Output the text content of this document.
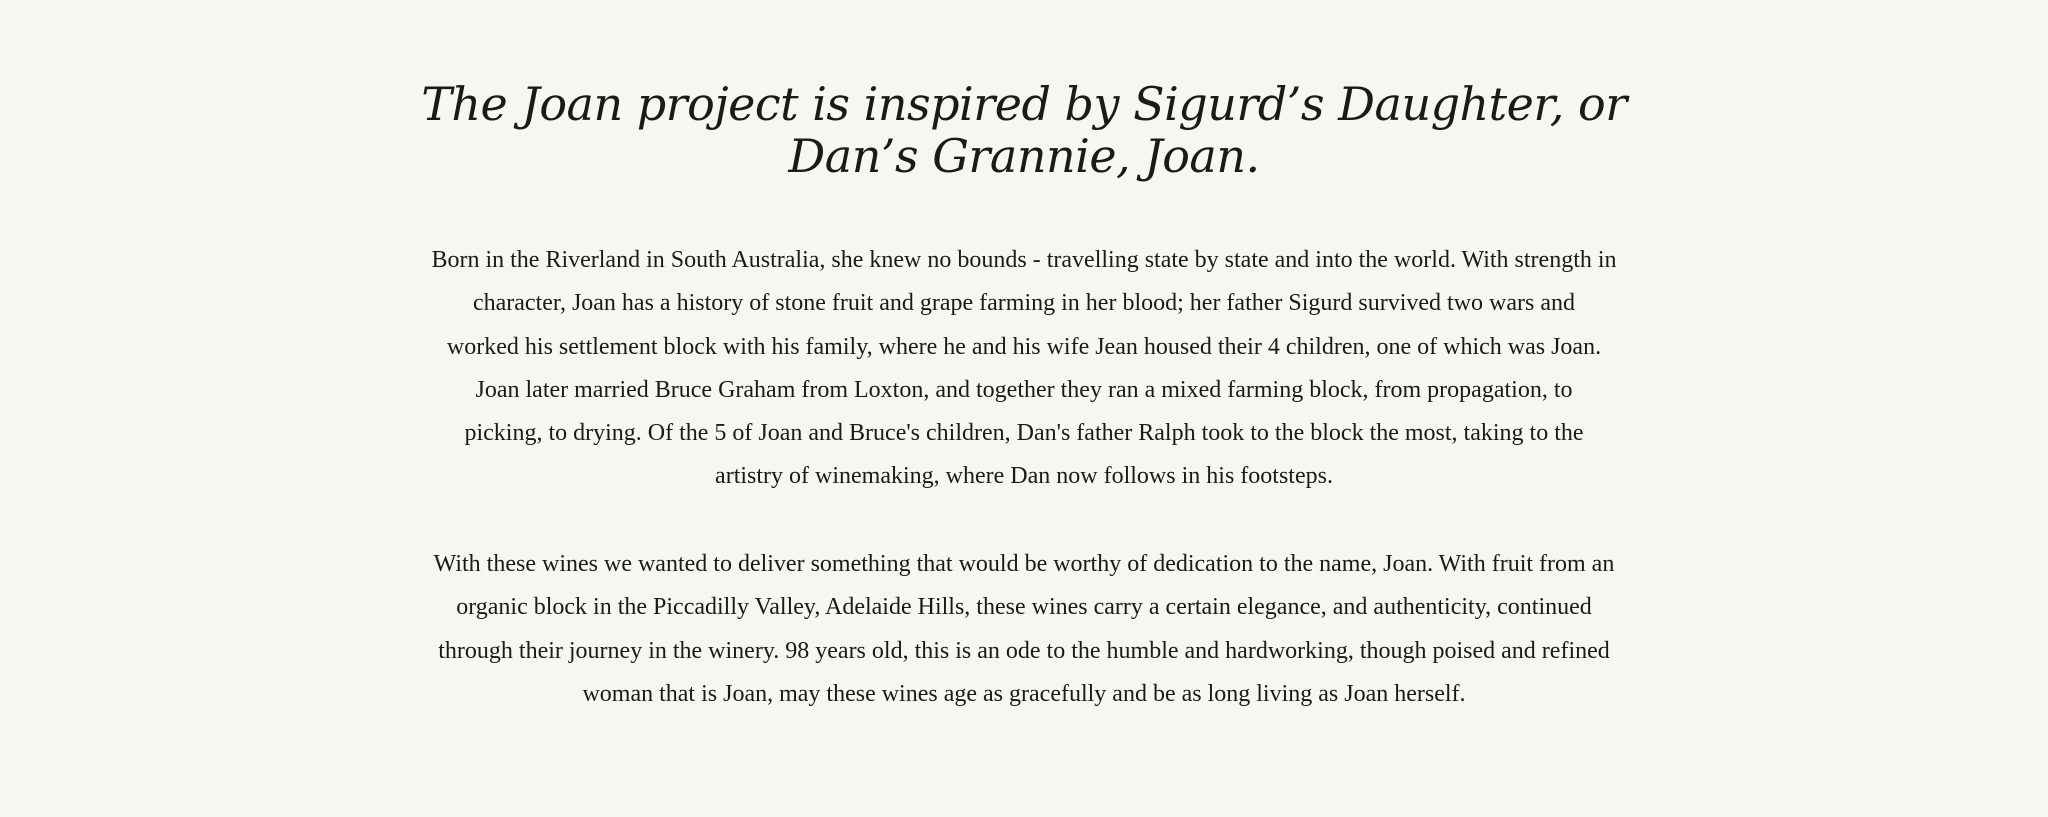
The Joan project is inspired by Sigurd’s Daughter, or
Dan’s Grannie, Joan.
Born in the Riverland in South Australia, she knew no bounds - travelling state by state and into the world. With strength in
character, Joan has a history of stone fruit and grape farming in her blood; her father Sigurd survived two wars and
worked his settlement block with his family, where he and his wife Jean housed their 4 children, one of which was Joan.
Joan later married Bruce Graham from Loxton, and together they ran a mixed farming block, from propagation, to
picking, to drying. Of the 5 of Joan and Bruce's children, Dan's father Ralph took to the block the most, taking to the
artistry of winemaking, where Dan now follows in his footsteps.
With these wines we wanted to deliver something that would be worthy of dedication to the name, Joan. With fruit from an
organic block in the Piccadilly Valley, Adelaide Hills, these wines carry a certain elegance, and authenticity, continued
through their journey in the winery. 98 years old, this is an ode to the humble and hardworking, though poised and refined
woman that is Joan, may these wines age as gracefully and be as long living as Joan herself.
